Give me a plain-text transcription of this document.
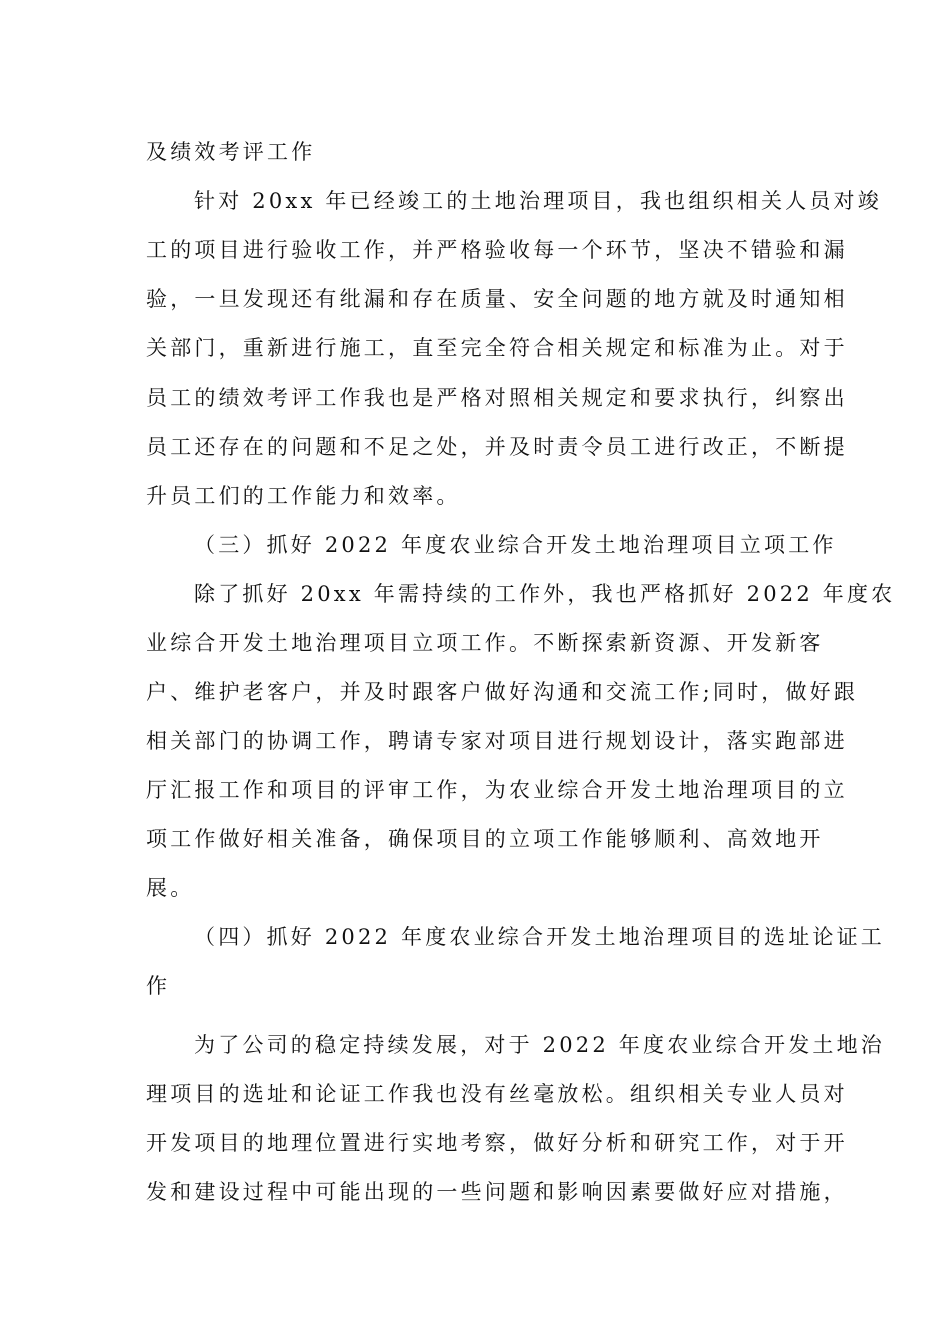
及绩效考评工作
针对 20xx 年已经竣工的土地治理项目，我也组织相关人员对竣
工的项目进行验收工作，并严格验收每一个环节，坚决不错验和漏
验，一旦发现还有纰漏和存在质量、安全问题的地方就及时通知相
关部门，重新进行施工，直至完全符合相关规定和标准为止。对于
员工的绩效考评工作我也是严格对照相关规定和要求执行，纠察出
员工还存在的问题和不足之处，并及时责令员工进行改正，不断提
升员工们的工作能力和效率。
（三）抓好 2022 年度农业综合开发土地治理项目立项工作
除了抓好 20xx 年需持续的工作外，我也严格抓好 2022 年度农
业综合开发土地治理项目立项工作。不断探索新资源、开发新客
户、维护老客户，并及时跟客户做好沟通和交流工作;同时，做好跟
相关部门的协调工作，聘请专家对项目进行规划设计，落实跑部进
厅汇报工作和项目的评审工作，为农业综合开发土地治理项目的立
项工作做好相关准备，确保项目的立项工作能够顺利、高效地开
展。
（四）抓好 2022 年度农业综合开发土地治理项目的选址论证工
作
为了公司的稳定持续发展，对于 2022 年度农业综合开发土地治
理项目的选址和论证工作我也没有丝毫放松。组织相关专业人员对
开发项目的地理位置进行实地考察，做好分析和研究工作，对于开
发和建设过程中可能出现的一些问题和影响因素要做好应对措施，
